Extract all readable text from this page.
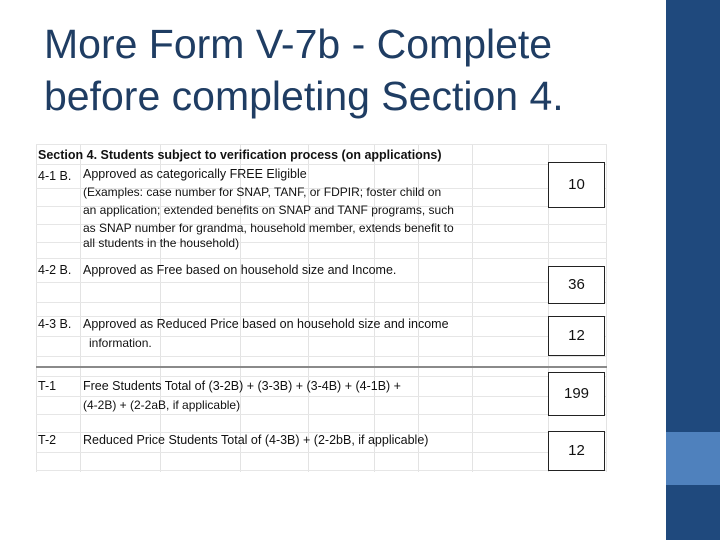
More Form V-7b - Complete
before completing Section 4.
Section 4. Students subject to verification process (on applications)
4-1 B. Approved as categorically FREE Eligible
(Examples: case number for SNAP, TANF, or FDPIR; foster child on
an application; extended benefits on SNAP and TANF programs, such
as SNAP number for grandma, household member, extends benefit to
all students in the household)
10
4-2 B. Approved as Free based on household size and Income.
36
4-3 B. Approved as Reduced Price based on household size and income
information.	12
T-1 Free Students Total of (3-2B) + (3-3B) + (3-4B) + (4-1B) +
(4-2B) + (2-2aB, if applicable)
199
T-2 Reduced Price Students Total of (4-3B) + (2-2bB, if applicable)
12
